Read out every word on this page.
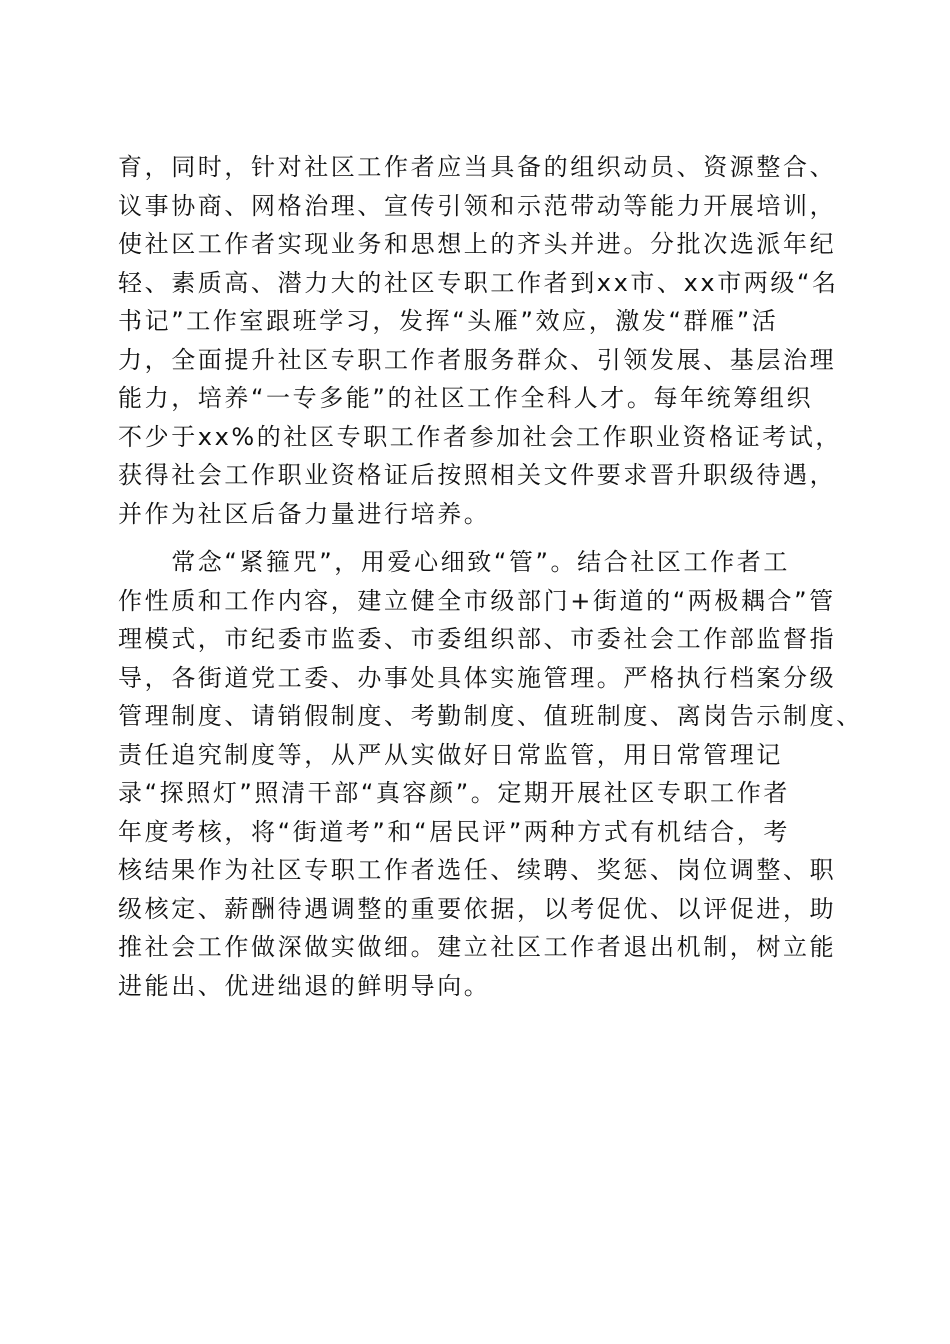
育，同时，针对社区工作者应当具备的组织动员、资源整合、
议事协商、网格治理、宣传引领和示范带动等能力开展培训，
使社区工作者实现业务和思想上的齐头并进。分批次选派年纪
轻、素质高、潜力大的社区专职工作者到xx市、xx市两级“名
书记”工作室跟班学习，发挥“头雁”效应，激发“群雁”活
力，全面提升社区专职工作者服务群众、引领发展、基层治理
能力，培养“一专多能”的社区工作全科人才。每年统筹组织
不少于xx%的社区专职工作者参加社会工作职业资格证考试，
获得社会工作职业资格证后按照相关文件要求晋升职级待遇，
并作为社区后备力量进行培养。
　　常念“紧箍咒”，用爱心细致“管”。结合社区工作者工
作性质和工作内容，建立健全市级部门+街道的“两极耦合”管
理模式，市纪委市监委、市委组织部、市委社会工作部监督指
导，各街道党工委、办事处具体实施管理。严格执行档案分级
管理制度、请销假制度、考勤制度、值班制度、离岗告示制度、
责任追究制度等，从严从实做好日常监管，用日常管理记
录“探照灯”照清干部“真容颜”。定期开展社区专职工作者
年度考核，将“街道考”和“居民评”两种方式有机结合，考
核结果作为社区专职工作者选任、续聘、奖惩、岗位调整、职
级核定、薪酬待遇调整的重要依据，以考促优、以评促进，助
推社会工作做深做实做细。建立社区工作者退出机制，树立能
进能出、优进绌退的鲜明导向。
